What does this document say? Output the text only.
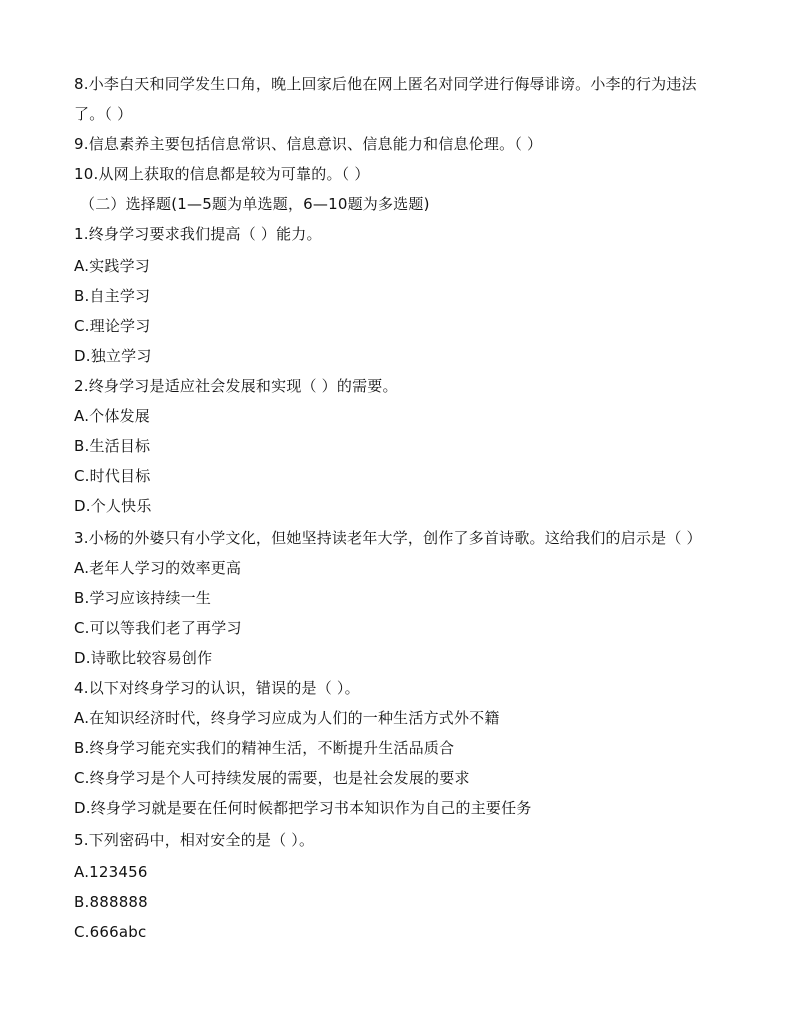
8.小李白天和同学发生口角，晚上回家后他在网上匿名对同学进行侮辱诽谤。小李的行为违法
了。（ ）
9.信息素养主要包括信息常识、信息意识、信息能力和信息伦理。（ ）
10.从网上获取的信息都是较为可靠的。（ ）
（二）选择题(1—5题为单选题，6—10题为多选题)
1.终身学习要求我们提高（ ）能力。
A.实践学习
B.自主学习
C.理论学习
D.独立学习
2.终身学习是适应社会发展和实现（ ）的需要。
A.个体发展
B.生活目标
C.时代目标
D.个人快乐
3.小杨的外婆只有小学文化，但她坚持读老年大学，创作了多首诗歌。这给我们的启示是（ ）
A.老年人学习的效率更高
B.学习应该持续一生
C.可以等我们老了再学习
D.诗歌比较容易创作
4.以下对终身学习的认识，错误的是（ ）。
A.在知识经济时代，终身学习应成为人们的一种生活方式外不籍
B.终身学习能充实我们的精神生活，不断提升生活品质合
C.终身学习是个人可持续发展的需要，也是社会发展的要求
D.终身学习就是要在任何时候都把学习书本知识作为自己的主要任务
5.下列密码中，相对安全的是（ ）。
A.123456
B.888888
C.666abc
